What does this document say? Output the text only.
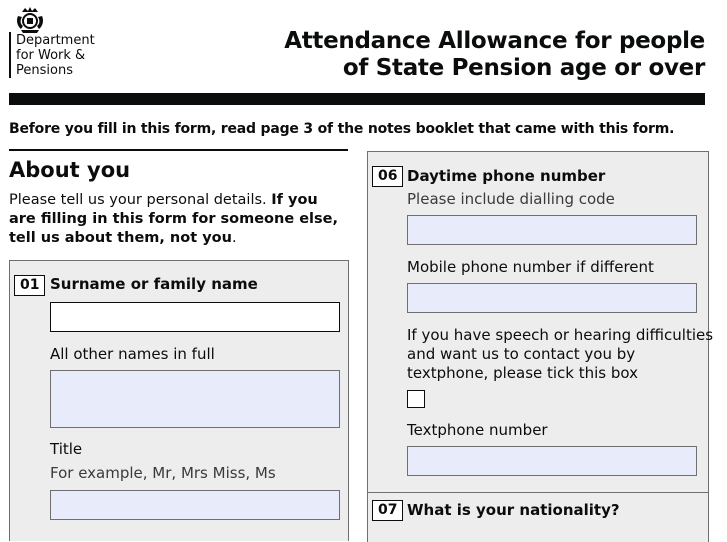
Department
for Work &
Pensions
Attendance Allowance for people
of State Pension age or over
Before you fill in this form, read page 3 of the notes booklet that came with this form.
About you
Please tell us your personal details. If you are filling in this form for someone else, tell us about them, not you.
01 Surname or family name
All other names in full
Title
For example, Mr, Mrs Miss, Ms
06 Daytime phone number
Please include dialling code
Mobile phone number if different
If you have speech or hearing difficulties
and want us to contact you by
textphone, please tick this box
Textphone number
07 What is your nationality?
